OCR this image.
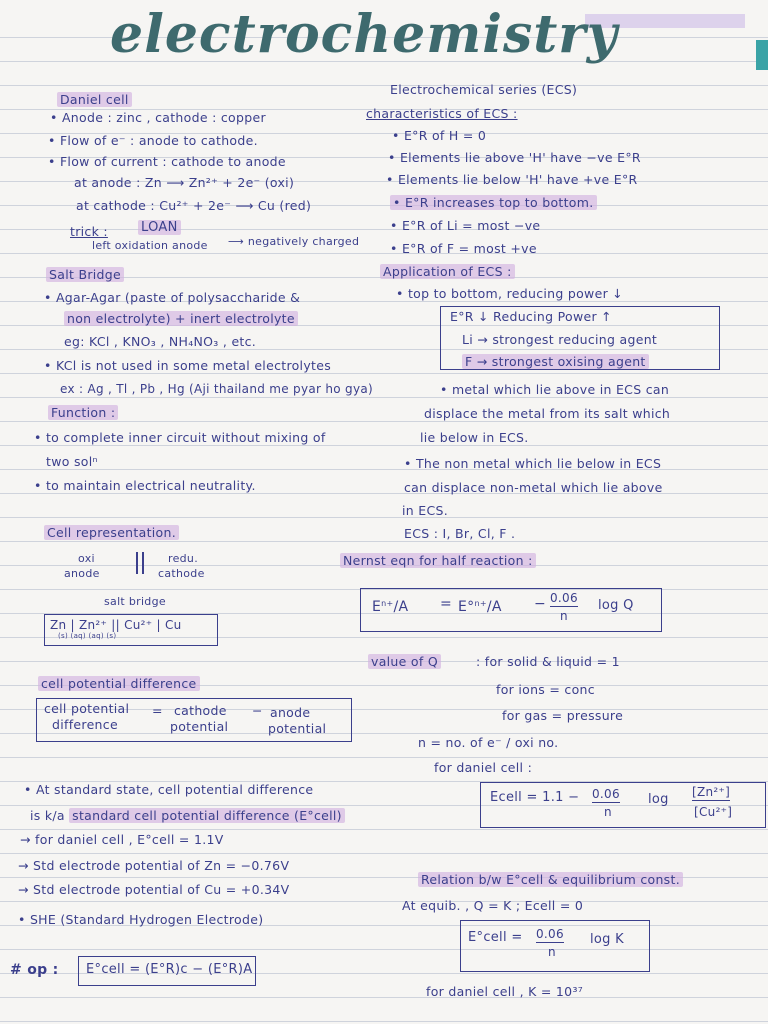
electrochemistry
Daniel cell
• Anode : zinc , cathode : copper
• Flow of e⁻ : anode to cathode.
• Flow of current : cathode to anode
at anode : Zn ⟶ Zn²⁺ + 2e⁻ (oxi)
at cathode : Cu²⁺ + 2e⁻ ⟶ Cu (red)
trick :	LOAN
left oxidation anode ⟶ negatively charged
Salt Bridge
• Agar-Agar (paste of polysaccharide &
non electrolyte) + inert electrolyte
eg: KCl , KNO₃ , NH₄NO₃ , etc.
• KCl is not used in some metal electrolytes
ex : Ag , Tl , Pb , Hg (Aji thailand me pyar ho gya)
Function :
• to complete inner circuit without mixing of
two solⁿ
• to maintain electrical neutrality.
Cell representation.
oxi
anode
redu.
cathode
salt bridge
Zn | Zn²⁺ || Cu²⁺ | Cu
(s) (aq) (aq) (s)
cell potential difference
cell potential
difference
= cathode
potential
− anode
potential
• At standard state, cell potential difference
is k/a standard cell potential difference (E°cell)
→ for daniel cell , E°cell = 1.1V
→ Std electrode potential of Zn = −0.76V
→ Std electrode potential of Cu = +0.34V
• SHE (Standard Hydrogen Electrode)
# op : E°cell = (E°R)c − (E°R)A
Electrochemical series (ECS)
characteristics of ECS :
• E°R of H = 0
• Elements lie above 'H' have −ve E°R
• Elements lie below 'H' have +ve E°R
• E°R increases top to bottom.
• E°R of Li = most −ve
• E°R of F = most +ve
Application of ECS :
• top to bottom, reducing power ↓
E°R ↓ Reducing Power ↑
Li → strongest reducing agent
F → strongest oxising agent
• metal which lie above in ECS can
displace the metal from its salt which
lie below in ECS.
• The non metal which lie below in ECS
can displace non-metal which lie above
in ECS.
ECS : I, Br, Cl, F .
Nernst eqn for half reaction :
$E^{n+}/A = E^\circ^{n+}/A - 0.06$
n
log Q
value of Q	: for solid & liquid = 1
for ions = conc
for gas = pressure
n = no. of e⁻ / oxi no.
for daniel cell :
Ecell = 1.1 − 0.06
n
log [Zn²⁺]
[Cu²⁺]
Relation b/w E°cell & equilibrium const.
At equib. , Q = K ; Ecell = 0
E°cell = 0.06
n
log K
for daniel cell , K = 10³⁷
